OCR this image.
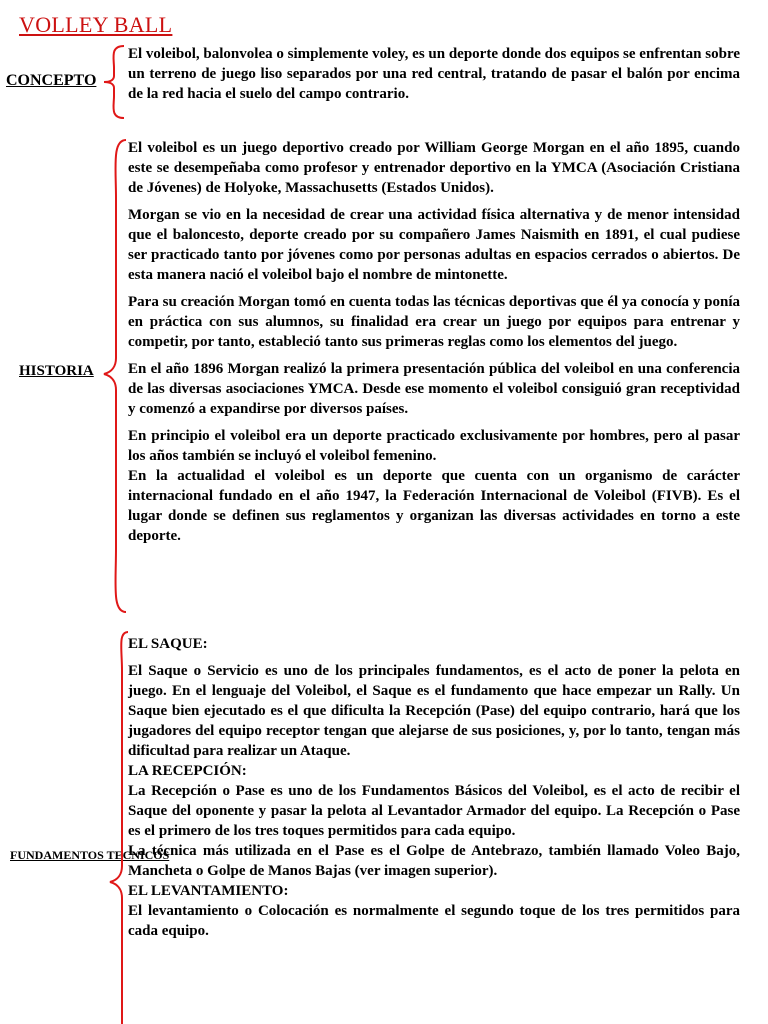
VOLLEY BALL
CONCEPTO

El voleibol, balonvolea o simplemente voley, es un deporte donde dos equipos se enfrentan sobre un terreno de juego liso separados por una red central, tratando de pasar el balón por encima de la red hacia el suelo del campo contrario.

HISTORIA

El voleibol es un juego deportivo creado por William George Morgan en el año 1895, cuando este se desempeñaba como profesor y entrenador deportivo en la YMCA (Asociación Cristiana de Jóvenes) de Holyoke, Massachusetts (Estados Unidos).

Morgan se vio en la necesidad de crear una actividad física alternativa y de menor intensidad que el baloncesto, deporte creado por su compañero James Naismith en 1891, el cual pudiese ser practicado tanto por jóvenes como por personas adultas en espacios cerrados o abiertos. De esta manera nació el voleibol bajo el nombre de mintonette.

Para su creación Morgan tomó en cuenta todas las técnicas deportivas que él ya conocía y ponía en práctica con sus alumnos, su finalidad era crear un juego por equipos para entrenar y competir, por tanto, estableció tanto sus primeras reglas como los elementos del juego.

En el año 1896 Morgan realizó la primera presentación pública del voleibol en una conferencia de las diversas asociaciones YMCA. Desde ese momento el voleibol consiguió gran receptividad y comenzó a expandirse por diversos países.

En principio el voleibol era un deporte practicado exclusivamente por hombres, pero al pasar los años también se incluyó el voleibol femenino.

En la actualidad el voleibol es un deporte que cuenta con un organismo de carácter internacional fundado en el año 1947, la Federación Internacional de Voleibol (FIVB). Es el lugar donde se definen sus reglamentos y organizan las diversas actividades en torno a este deporte.

FUNDAMENTOS TECNICOS

EL SAQUE:

El Saque o Servicio es uno de los principales fundamentos, es el acto de poner la pelota en juego. En el lenguaje del Voleibol, el Saque es el fundamento que hace empezar un Rally. Un Saque bien ejecutado es el que dificulta la Recepción (Pase) del equipo contrario, hará que los jugadores del equipo receptor tengan que alejarse de sus posiciones, y, por lo tanto, tengan más dificultad para realizar un Ataque.

LA RECEPCIÓN:

La Recepción o Pase es uno de los Fundamentos Básicos del Voleibol, es el acto de recibir el Saque del oponente y pasar la pelota al Levantador Armador del equipo. La Recepción o Pase es el primero de los tres toques permitidos para cada equipo.

La técnica más utilizada en el Pase es el Golpe de Antebrazo, también llamado Voleo Bajo, Mancheta o Golpe de Manos Bajas (ver imagen superior).

EL LEVANTAMIENTO:

El levantamiento o Colocación es normalmente el segundo toque de los tres permitidos para cada equipo.
